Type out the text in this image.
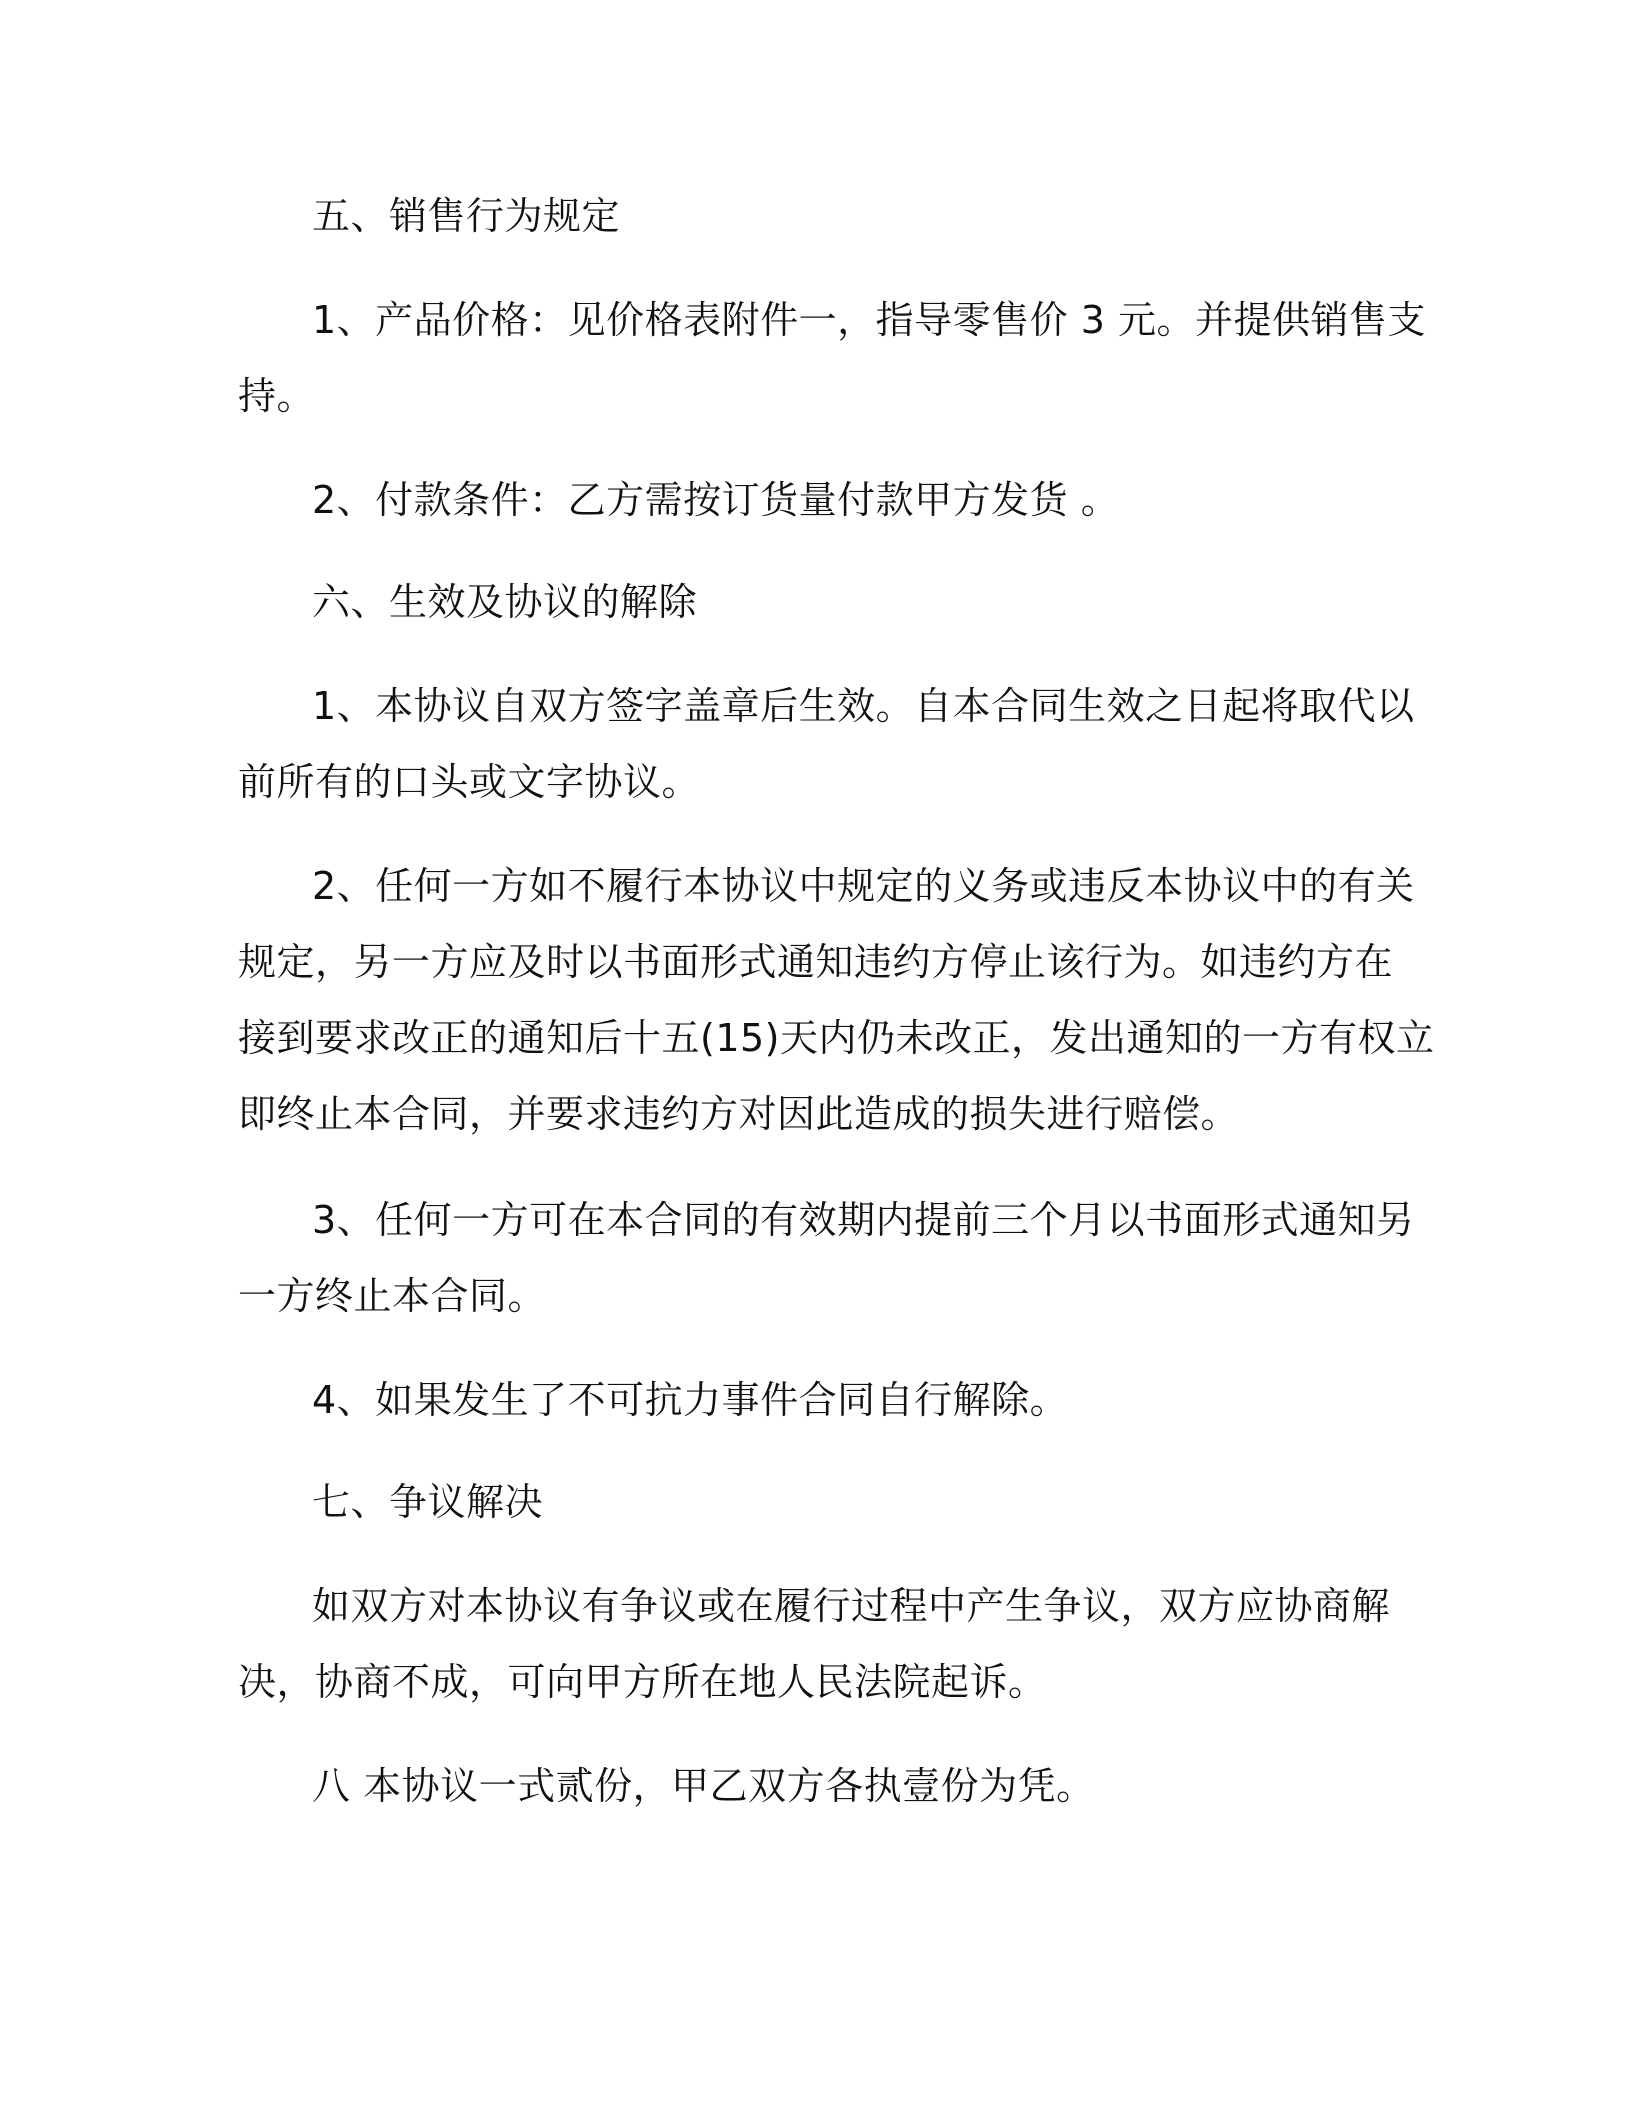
五、销售行为规定

1、产品价格：见价格表附件一，指导零售价 3 元。并提供销售支

持。

2、付款条件：乙方需按订货量付款甲方发货 。

六、生效及协议的解除

1、本协议自双方签字盖章后生效。自本合同生效之日起将取代以

前所有的口头或文字协议。

2、任何一方如不履行本协议中规定的义务或违反本协议中的有关

规定，另一方应及时以书面形式通知违约方停止该行为。如违约方在

接到要求改正的通知后十五(15)天内仍未改正，发出通知的一方有权立

即终止本合同，并要求违约方对因此造成的损失进行赔偿。

3、任何一方可在本合同的有效期内提前三个月以书面形式通知另

一方终止本合同。

4、如果发生了不可抗力事件合同自行解除。

七、争议解决

如双方对本协议有争议或在履行过程中产生争议，双方应协商解

决，协商不成，可向甲方所在地人民法院起诉。

八 本协议一式贰份，甲乙双方各执壹份为凭。
